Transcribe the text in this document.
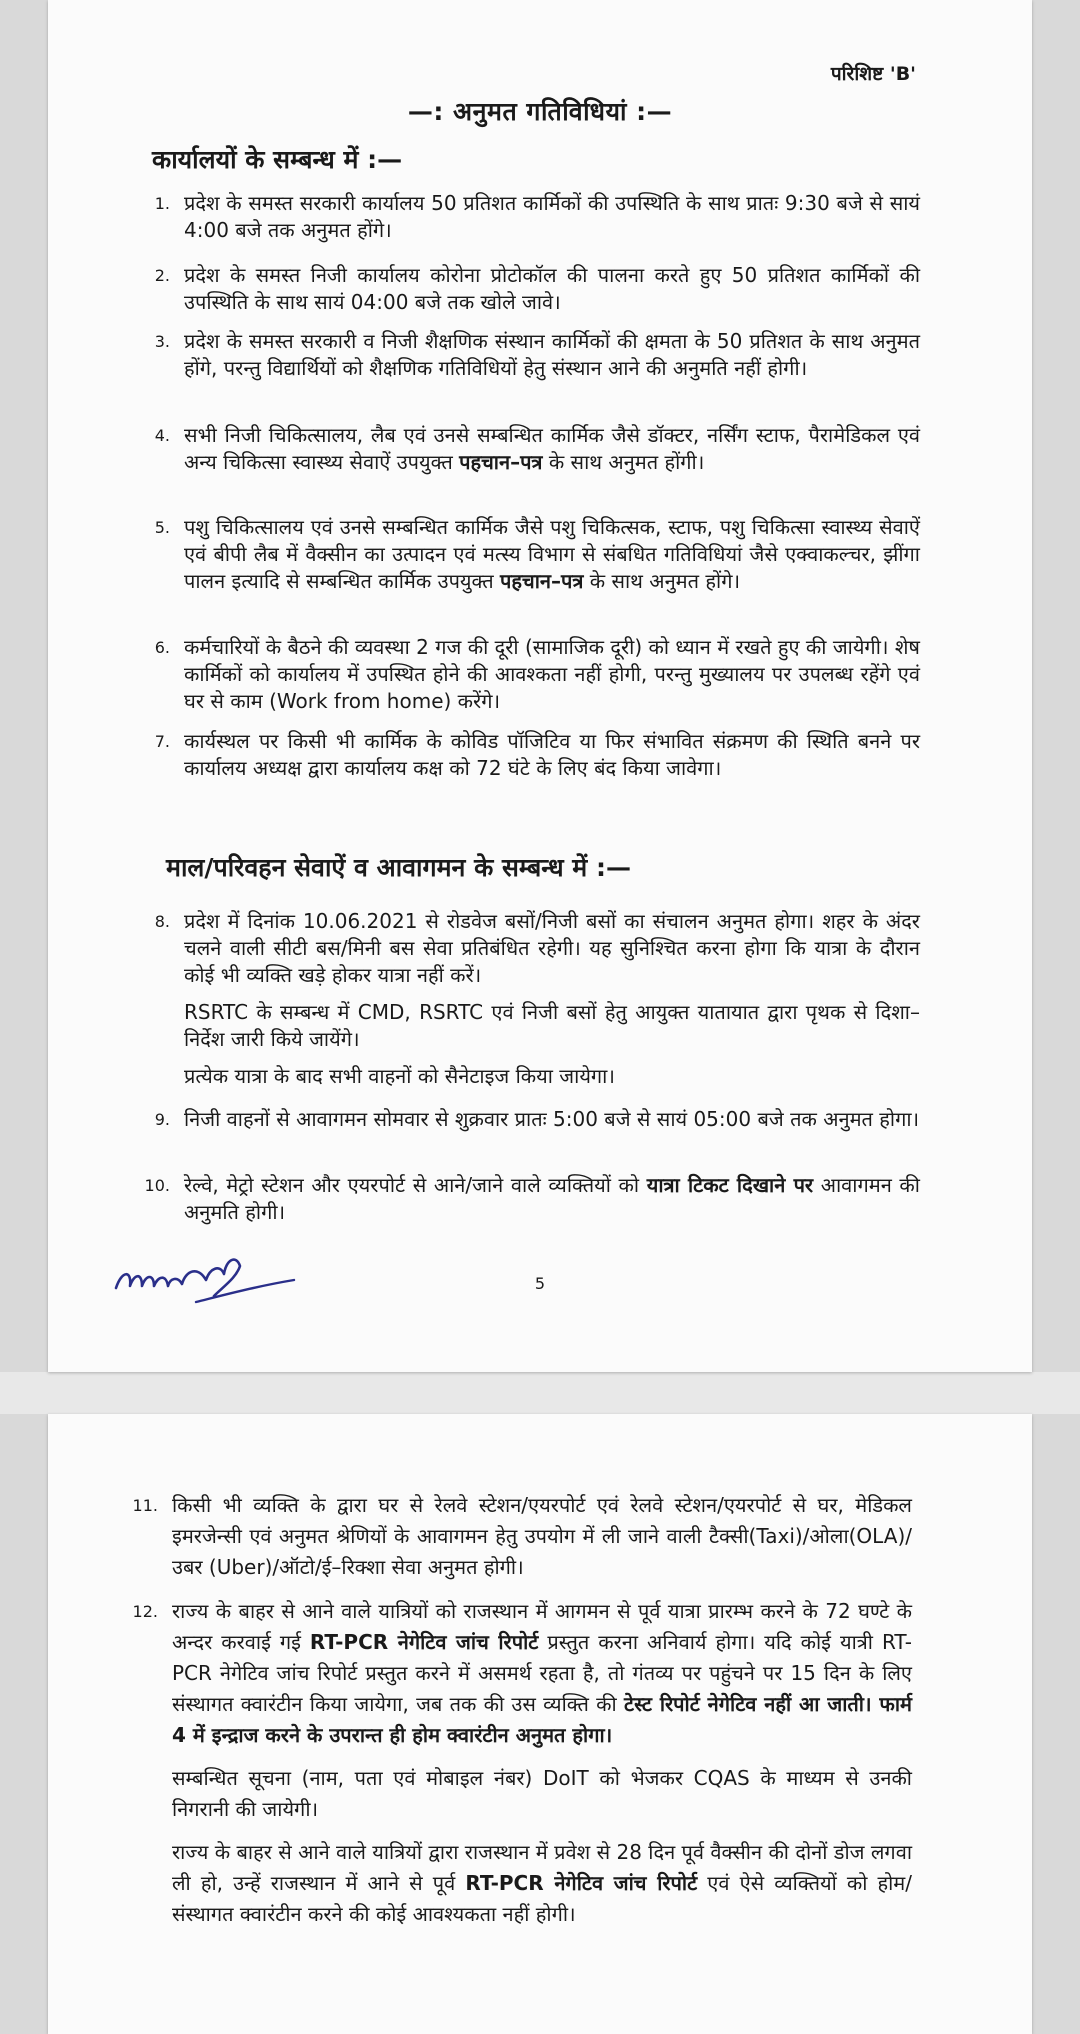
परिशिष्ट 'B'
—: अनुमत गतिविधियां :—
कार्यालयों के सम्बन्ध में :—
1. प्रदेश के समस्त सरकारी कार्यालय 50 प्रतिशत कार्मिकों की उपस्थिति के साथ प्रातः 9:30 बजे से सायं 4:00 बजे तक अनुमत होंगे।

2. प्रदेश के समस्त निजी कार्यालय कोरोना प्रोटोकॉल की पालना करते हुए 50 प्रतिशत कार्मिकों की उपस्थिति के साथ सायं 04:00 बजे तक खोले जावे।

3. प्रदेश के समस्त सरकारी व निजी शैक्षणिक संस्थान कार्मिकों की क्षमता के 50 प्रतिशत के साथ अनुमत होंगे, परन्तु विद्यार्थियों को शैक्षणिक गतिविधियों हेतु संस्थान आने की अनुमति नहीं होगी।

4. सभी निजी चिकित्सालय, लैब एवं उनसे सम्बन्धित कार्मिक जैसे डॉक्टर, नर्सिंग स्टाफ, पैरामेडिकल एवं अन्य चिकित्सा स्वास्थ्य सेवाऐं उपयुक्त पहचान–पत्र के साथ अनुमत होंगी।

5. पशु चिकित्सालय एवं उनसे सम्बन्धित कार्मिक जैसे पशु चिकित्सक, स्टाफ, पशु चिकित्सा स्वास्थ्य सेवाऐं एवं बीपी लैब में वैक्सीन का उत्पादन एवं मत्स्य विभाग से संबधित गतिविधियां जैसे एक्वाकल्चर, झींगा पालन इत्यादि से सम्बन्धित कार्मिक उपयुक्त पहचान–पत्र के साथ अनुमत होंगे।

6. कर्मचारियों के बैठने की व्यवस्था 2 गज की दूरी (सामाजिक दूरी) को ध्यान में रखते हुए की जायेगी। शेष कार्मिकों को कार्यालय में उपस्थित होने की आवश्कता नहीं होगी, परन्तु मुख्यालय पर उपलब्ध रहेंगे एवं घर से काम (Work from home) करेंगे।

7. कार्यस्थल पर किसी भी कार्मिक के कोविड पॉजिटिव या फिर संभावित संक्रमण की स्थिति बनने पर कार्यालय अध्यक्ष द्वारा कार्यालय कक्ष को 72 घंटे के लिए बंद किया जावेगा।

माल/परिवहन सेवाऐं व आवागमन के सम्बन्ध में :—
8. प्रदेश में दिनांक 10.06.2021 से रोडवेज बसों/निजी बसों का संचालन अनुमत होगा। शहर के अंदर चलने वाली सीटी बस/मिनी बस सेवा प्रतिबंधित रहेगी। यह सुनिश्चित करना होगा कि यात्रा के दौरान कोई भी व्यक्ति खड़े होकर यात्रा नहीं करें।

RSRTC के सम्बन्ध में CMD, RSRTC एवं निजी बसों हेतु आयुक्त यातायात द्वारा पृथक से दिशा–निर्देश जारी किये जायेंगे।

प्रत्येक यात्रा के बाद सभी वाहनों को सैनेटाइज किया जायेगा।

9. निजी वाहनों से आवागमन सोमवार से शुक्रवार प्रातः 5:00 बजे से सायं 05:00 बजे तक अनुमत होगा।

10. रेल्वे, मेट्रो स्टेशन और एयरपोर्ट से आने/जाने वाले व्यक्तियों को यात्रा टिकट दिखाने पर आवागमन की अनुमति होगी।

5
11. किसी भी व्यक्ति के द्वारा घर से रेलवे स्टेशन/एयरपोर्ट एवं रेलवे स्टेशन/एयरपोर्ट से घर, मेडिकल इमरजेन्सी एवं अनुमत श्रेणियों के आवागमन हेतु उपयोग में ली जाने वाली टैक्सी(Taxi)/ओला(OLA)/उबर (Uber)/ऑटो/ई–रिक्शा सेवा अनुमत होगी।

12. राज्य के बाहर से आने वाले यात्रियों को राजस्थान में आगमन से पूर्व यात्रा प्रारम्भ करने के 72 घण्टे के अन्दर करवाई गई RT-PCR नेगेटिव जांच रिपोर्ट प्रस्तुत करना अनिवार्य होगा। यदि कोई यात्री RT-PCR नेगेटिव जांच रिपोर्ट प्रस्तुत करने में असमर्थ रहता है, तो गंतव्य पर पहुंचने पर 15 दिन के लिए संस्थागत क्वारंटीन किया जायेगा, जब तक की उस व्यक्ति की टेस्ट रिपोर्ट नेगेटिव नहीं आ जाती। फार्म 4 में इन्द्राज करने के उपरान्त ही होम क्वारंटीन अनुमत होगा।

सम्बन्धित सूचना (नाम, पता एवं मोबाइल नंबर) DoIT को भेजकर CQAS के माध्यम से उनकी निगरानी की जायेगी।

राज्य के बाहर से आने वाले यात्रियों द्वारा राजस्थान में प्रवेश से 28 दिन पूर्व वैक्सीन की दोनों डोज लगवा ली हो, उन्हें राजस्थान में आने से पूर्व RT-PCR नेगेटिव जांच रिपोर्ट एवं ऐसे व्यक्तियों को होम/संस्थागत क्वारंटीन करने की कोई आवश्यकता नहीं होगी।
